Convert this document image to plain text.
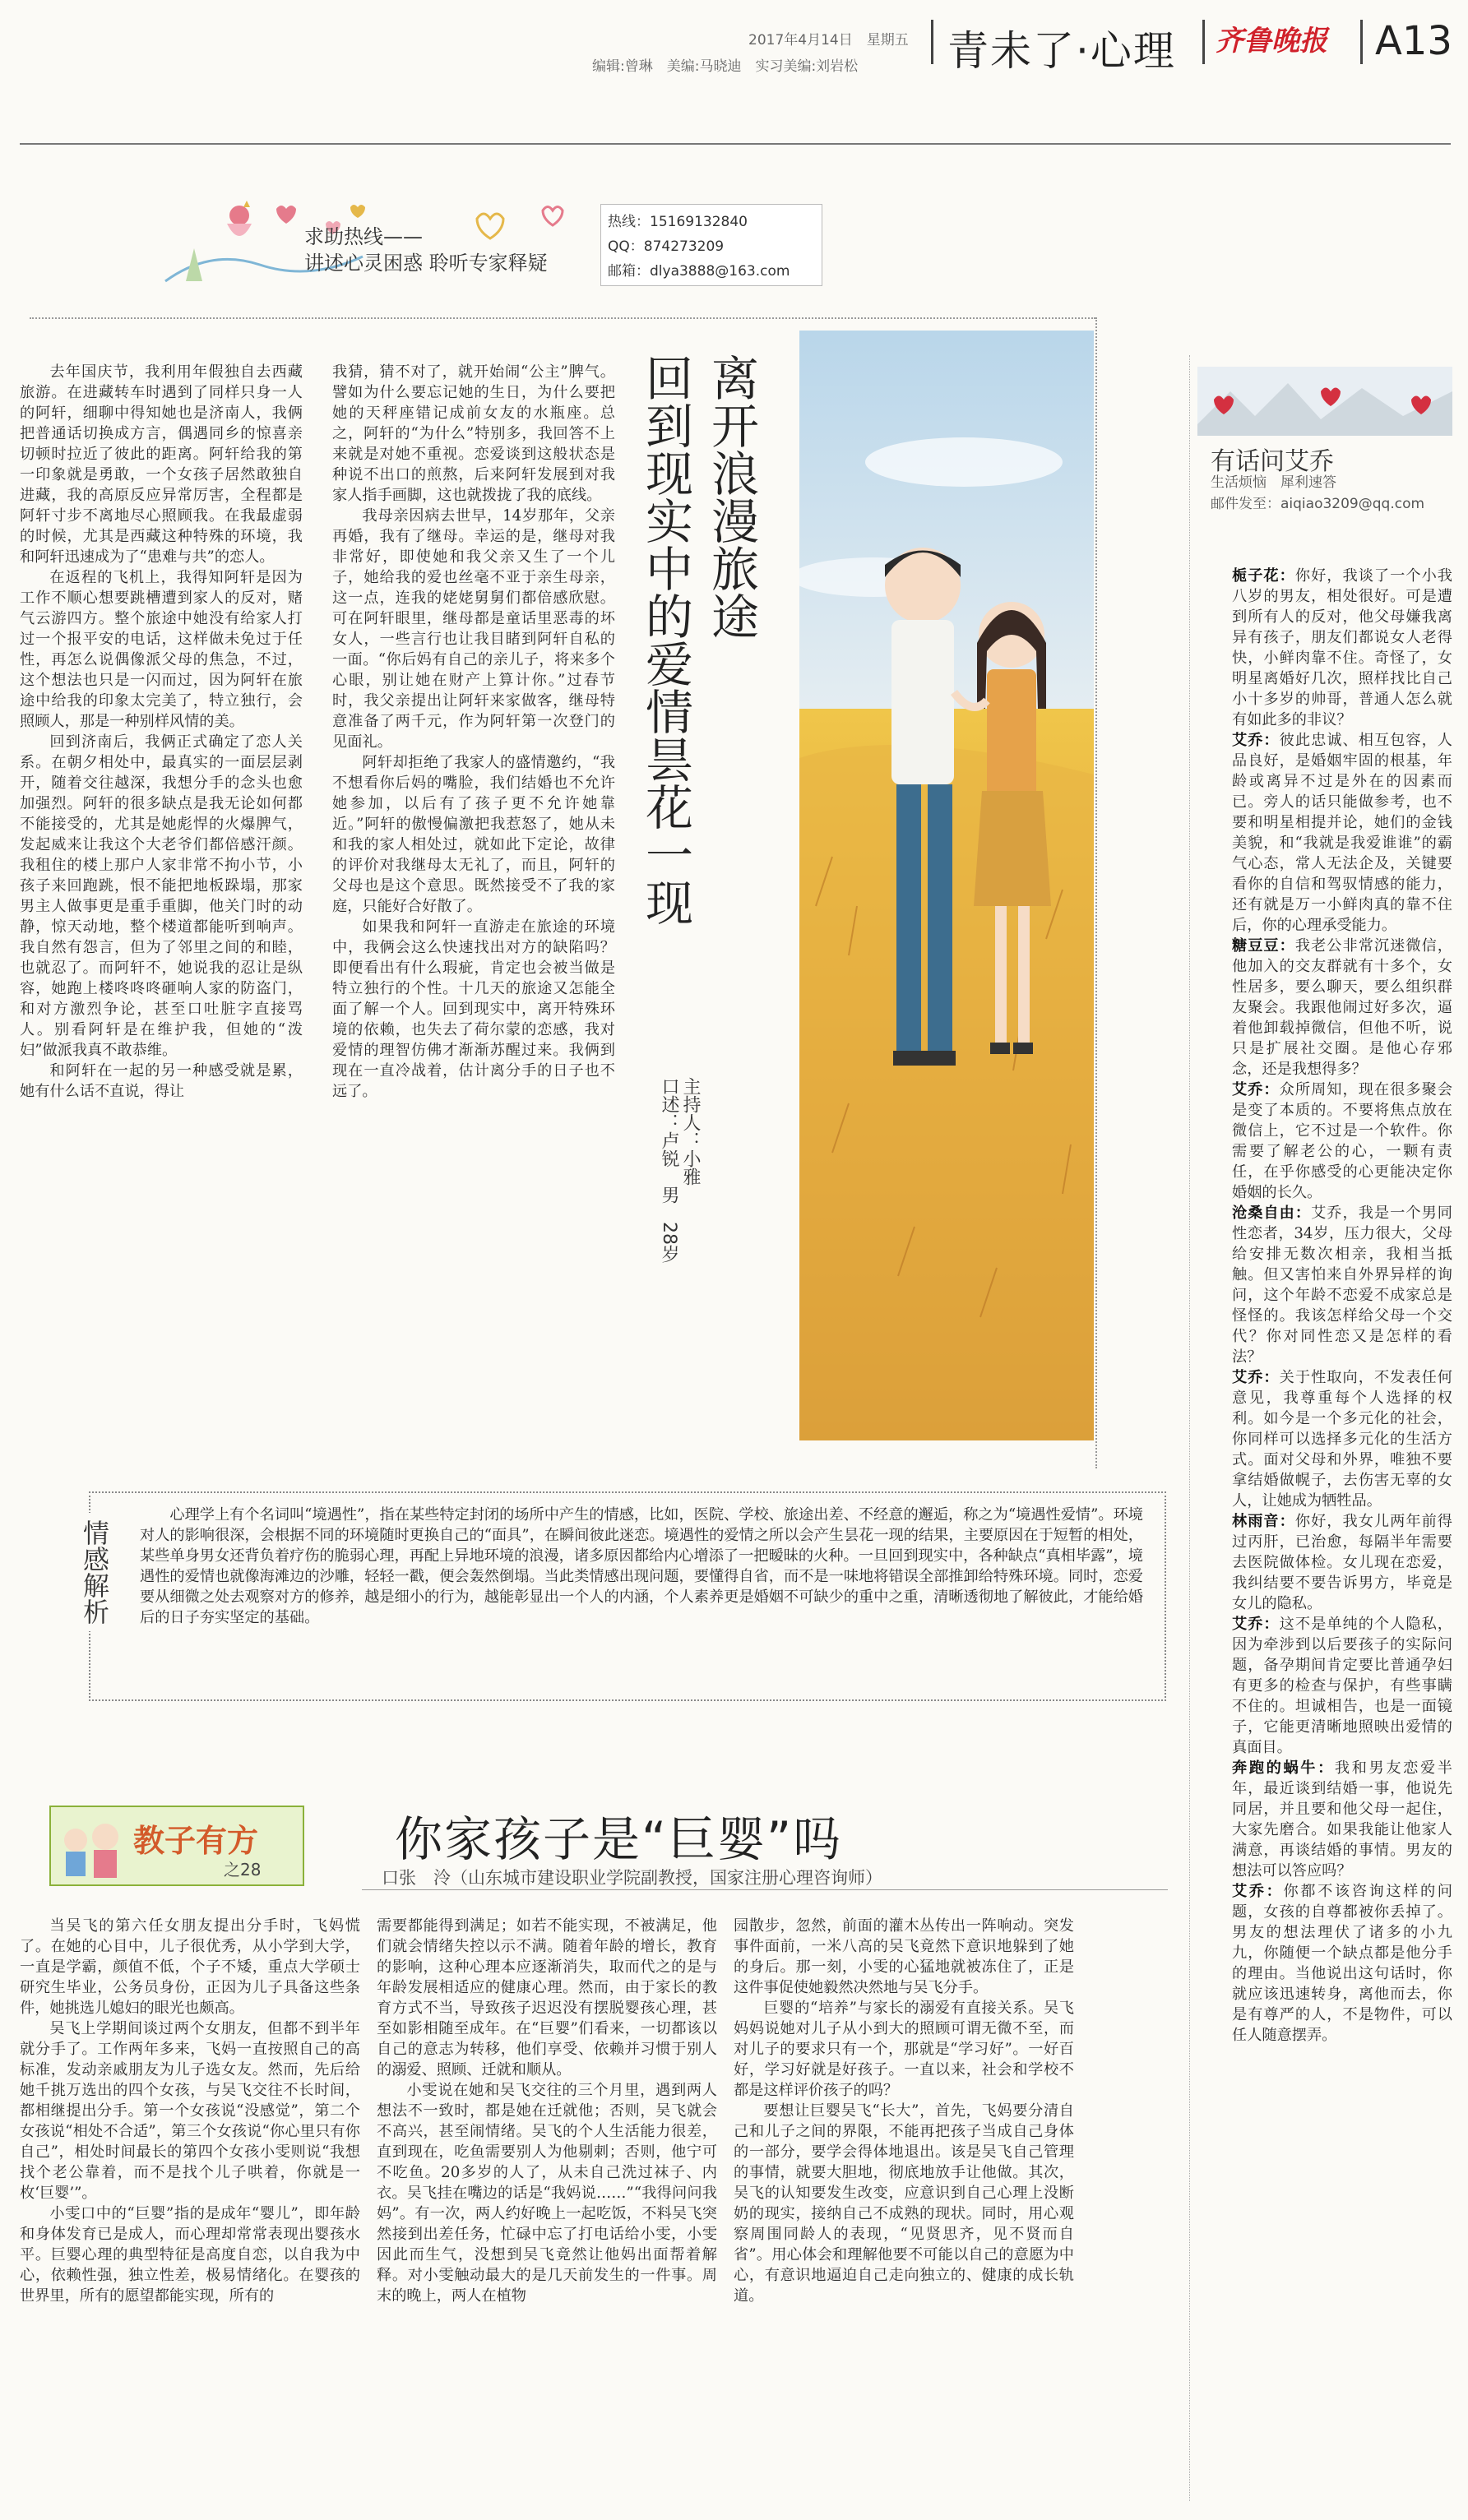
2017年4月14日　星期五
编辑:曾琳　美编:马晓迪　实习美编:刘岩松 青未了·心理 齐鲁晚报 A13
求助热线——
讲述心灵困惑 聆听专家释疑
热线：15169132840
QQ：874273209
邮箱：dlya3888@163.com

去年国庆节，我利用年假独自去西藏旅游。在进藏转车时遇到了同样只身一人的阿轩，细聊中得知她也是济南人，我俩把普通话切换成方言，偶遇同乡的惊喜亲切顿时拉近了彼此的距离。阿轩给我的第一印象就是勇敢，一个女孩子居然敢独自进藏，我的高原反应异常厉害，全程都是阿轩寸步不离地尽心照顾我。在我最虚弱的时候，尤其是西藏这种特殊的环境，我和阿轩迅速成为了“患难与共”的恋人。

在返程的飞机上，我得知阿轩是因为工作不顺心想要跳槽遭到家人的反对，赌气云游四方。整个旅途中她没有给家人打过一个报平安的电话，这样做未免过于任性，再怎么说偶像派父母的焦急，不过，这个想法也只是一闪而过，因为阿轩在旅途中给我的印象太完美了，特立独行，会照顾人，那是一种别样风情的美。

回到济南后，我俩正式确定了恋人关系。在朝夕相处中，最真实的一面层层剥开，随着交往越深，我想分手的念头也愈加强烈。阿轩的很多缺点是我无论如何都不能接受的，尤其是她彪悍的火爆脾气，发起威来让我这个大老爷们都倍感汗颜。我租住的楼上那户人家非常不拘小节，小孩子来回跑跳，恨不能把地板跺塌，那家男主人做事更是重手重脚，他关门时的动静，惊天动地，整个楼道都能听到响声。我自然有怨言，但为了邻里之间的和睦，也就忍了。而阿轩不，她说我的忍让是纵容，她跑上楼咚咚咚砸响人家的防盗门，和对方激烈争论，甚至口吐脏字直接骂人。别看阿轩是在维护我，但她的“泼妇”做派我真不敢恭维。

和阿轩在一起的另一种感受就是累，她有什么话不直说，得让

我猜，猜不对了，就开始闹“公主”脾气。譬如为什么要忘记她的生日，为什么要把她的天秤座错记成前女友的水瓶座。总之，阿轩的“为什么”特别多，我回答不上来就是对她不重视。恋爱谈到这般状态是种说不出口的煎熬，后来阿轩发展到对我家人指手画脚，这也就拨拢了我的底线。

我母亲因病去世早，14岁那年，父亲再婚，我有了继母。幸运的是，继母对我非常好，即使她和我父亲又生了一个儿子，她给我的爱也丝毫不亚于亲生母亲，这一点，连我的姥姥舅舅们都倍感欣慰。可在阿轩眼里，继母都是童话里恶毒的坏女人，一些言行也让我目睹到阿轩自私的一面。“你后妈有自己的亲儿子，将来多个心眼，别让她在财产上算计你。”过春节时，我父亲提出让阿轩来家做客，继母特意准备了两千元，作为阿轩第一次登门的见面礼。

阿轩却拒绝了我家人的盛情邀约，“我不想看你后妈的嘴脸，我们结婚也不允许她参加，以后有了孩子更不允许她靠近。”阿轩的傲慢偏激把我惹怒了，她从未和我的家人相处过，就如此下定论，故律的评价对我继母太无礼了，而且，阿轩的父母也是这个意思。既然接受不了我的家庭，只能好合好散了。

如果我和阿轩一直游走在旅途的环境中，我俩会这么快速找出对方的缺陷吗？即便看出有什么瑕疵，肯定也会被当做是特立独行的个性。十几天的旅途又怎能全面了解一个人。回到现实中，离开特殊环境的依赖，也失去了荷尔蒙的恋感，我对爱情的理智仿佛才渐渐苏醒过来。我俩到现在一直冷战着，估计离分手的日子也不远了。

离开浪漫旅途
回到现实中的爱情昙花一现
主持人：小雅
口述：卢锐　男　28岁
情感解析
心理学上有个名词叫“境遇性”，指在某些特定封闭的场所中产生的情感，比如，医院、学校、旅途出差、不经意的邂逅，称之为“境遇性爱情”。环境对人的影响很深，会根据不同的环境随时更换自己的“面具”，在瞬间彼此迷恋。境遇性的爱情之所以会产生昙花一现的结果，主要原因在于短暂的相处，某些单身男女还背负着疗伤的脆弱心理，再配上异地环境的浪漫，诸多原因都给内心增添了一把暧昧的火种。一旦回到现实中，各种缺点“真相毕露”，境遇性的爱情也就像海滩边的沙雕，轻轻一戳，便会轰然倒塌。当此类情感出现问题，要懂得自省，而不是一味地将错误全部推卸给特殊环境。同时，恋爱要从细微之处去观察对方的修养，越是细小的行为，越能彰显出一个人的内涵，个人素养更是婚姻不可缺少的重中之重，清晰透彻地了解彼此，才能给婚后的日子夯实坚定的基础。
有话问艾乔
生活烦恼　犀利速答
邮件发至：aiqiao3209@qq.com

栀子花：你好，我谈了一个小我八岁的男友，相处很好。可是遭到所有人的反对，他父母嫌我离异有孩子，朋友们都说女人老得快，小鲜肉靠不住。奇怪了，女明星离婚好几次，照样找比自己小十多岁的帅哥，普通人怎么就有如此多的非议？

艾乔：彼此忠诚、相互包容，人品良好，是婚姻牢固的根基，年龄或离异不过是外在的因素而已。旁人的话只能做参考，也不要和明星相提并论，她们的金钱美貌，和“我就是我爱谁谁”的霸气心态，常人无法企及，关键要看你的自信和驾驭情感的能力，还有就是万一小鲜肉真的靠不住后，你的心理承受能力。

糖豆豆：我老公非常沉迷微信，他加入的交友群就有十多个，女性居多，要么聊天，要么组织群友聚会。我跟他闹过好多次，逼着他卸载掉微信，但他不听，说只是扩展社交圈。是他心存邪念，还是我想得多？

艾乔：众所周知，现在很多聚会是变了本质的。不要将焦点放在微信上，它不过是一个软件。你需要了解老公的心，一颗有责任，在乎你感受的心更能决定你婚姻的长久。

沧桑自由：艾乔，我是一个男同性恋者，34岁，压力很大，父母给安排无数次相亲，我相当抵触。但又害怕来自外界异样的询问，这个年龄不恋爱不成家总是怪怪的。我该怎样给父母一个交代？你对同性恋又是怎样的看法？

艾乔：关于性取向，不发表任何意见，我尊重每个人选择的权利。如今是一个多元化的社会，你同样可以选择多元化的生活方式。面对父母和外界，唯独不要拿结婚做幌子，去伤害无辜的女人，让她成为牺牲品。

林雨音：你好，我女儿两年前得过丙肝，已治愈，每隔半年需要去医院做体检。女儿现在恋爱，我纠结要不要告诉男方，毕竟是女儿的隐私。

艾乔：这不是单纯的个人隐私，因为牵涉到以后要孩子的实际问题，备孕期间肯定要比普通孕妇有更多的检查与保护，有些事瞒不住的。坦诚相告，也是一面镜子，它能更清晰地照映出爱情的真面目。

奔跑的蜗牛：我和男友恋爱半年，最近谈到结婚一事，他说先同居，并且要和他父母一起住，大家先磨合。如果我能让他家人满意，再谈结婚的事情。男友的想法可以答应吗？

艾乔：你都不该咨询这样的问题，女孩的自尊都被你丢掉了。男友的想法理伏了诸多的小九九，你随便一个缺点都是他分手的理由。当他说出这句话时，你就应该迅速转身，离他而去，你是有尊严的人，不是物件，可以任人随意摆弄。

教子有方
之28
你家孩子是“巨婴”吗
口张　泠（山东城市建设职业学院副教授，国家注册心理咨询师）

当吴飞的第六任女朋友提出分手时，飞妈慌了。在她的心目中，儿子很优秀，从小学到大学，一直是学霸，颜值不低，个子不矮，重点大学硕士研究生毕业，公务员身份，正因为儿子具备这些条件，她挑选儿媳妇的眼光也颇高。

吴飞上学期间谈过两个女朋友，但都不到半年就分手了。工作两年多来，飞妈一直按照自己的高标准，发动亲戚朋友为儿子选女友。然而，先后给她千挑万选出的四个女孩，与吴飞交往不长时间，都相继提出分手。第一个女孩说“没感觉”，第二个女孩说“相处不合适”，第三个女孩说“你心里只有你自己”，相处时间最长的第四个女孩小雯则说“我想找个老公靠着，而不是找个儿子哄着，你就是一枚‘巨婴’”。

小雯口中的“巨婴”指的是成年“婴儿”，即年龄和身体发育已是成人，而心理却常常表现出婴孩水平。巨婴心理的典型特征是高度自恋，以自我为中心，依赖性强，独立性差，极易情绪化。在婴孩的世界里，所有的愿望都能实现，所有的

需要都能得到满足；如若不能实现，不被满足，他们就会情绪失控以示不满。随着年龄的增长，教育的影响，这种心理本应逐渐消失，取而代之的是与年龄发展相适应的健康心理。然而，由于家长的教育方式不当，导致孩子迟迟没有摆脱婴孩心理，甚至如影相随至成年。在“巨婴”们看来，一切都该以自己的意志为转移，他们享受、依赖并习惯于别人的溺爱、照顾、迁就和顺从。

小雯说在她和吴飞交往的三个月里，遇到两人想法不一致时，都是她在迁就他；否则，吴飞就会不高兴，甚至闹情绪。吴飞的个人生活能力很差，直到现在，吃鱼需要别人为他剔刺；否则，他宁可不吃鱼。20多岁的人了，从未自己洗过袜子、内衣。吴飞挂在嘴边的话是“我妈说……”“我得问问我妈”。有一次，两人约好晚上一起吃饭，不料吴飞突然接到出差任务，忙碌中忘了打电话给小雯，小雯因此而生气，没想到吴飞竟然让他妈出面帮着解释。对小雯触动最大的是几天前发生的一件事。周末的晚上，两人在植物

园散步，忽然，前面的灌木丛传出一阵响动。突发事件面前，一米八高的吴飞竟然下意识地躲到了她的身后。那一刻，小雯的心猛地就被冻住了，正是这件事促使她毅然决然地与吴飞分手。

巨婴的“培养”与家长的溺爱有直接关系。吴飞妈妈说她对儿子从小到大的照顾可谓无微不至，而对儿子的要求只有一个，那就是“学习好”。一好百好，学习好就是好孩子。一直以来，社会和学校不都是这样评价孩子的吗？

要想让巨婴吴飞“长大”，首先，飞妈要分清自己和儿子之间的界限，不能再把孩子当成自己身体的一部分，要学会得体地退出。该是吴飞自己管理的事情，就要大胆地，彻底地放手让他做。其次，吴飞的认知要发生改变，应意识到自己心理上没断奶的现实，接纳自己不成熟的现状。同时，用心观察周围同龄人的表现，“见贤思齐，见不贤而自省”。用心体会和理解他要不可能以自己的意愿为中心，有意识地逼迫自己走向独立的、健康的成长轨道。
